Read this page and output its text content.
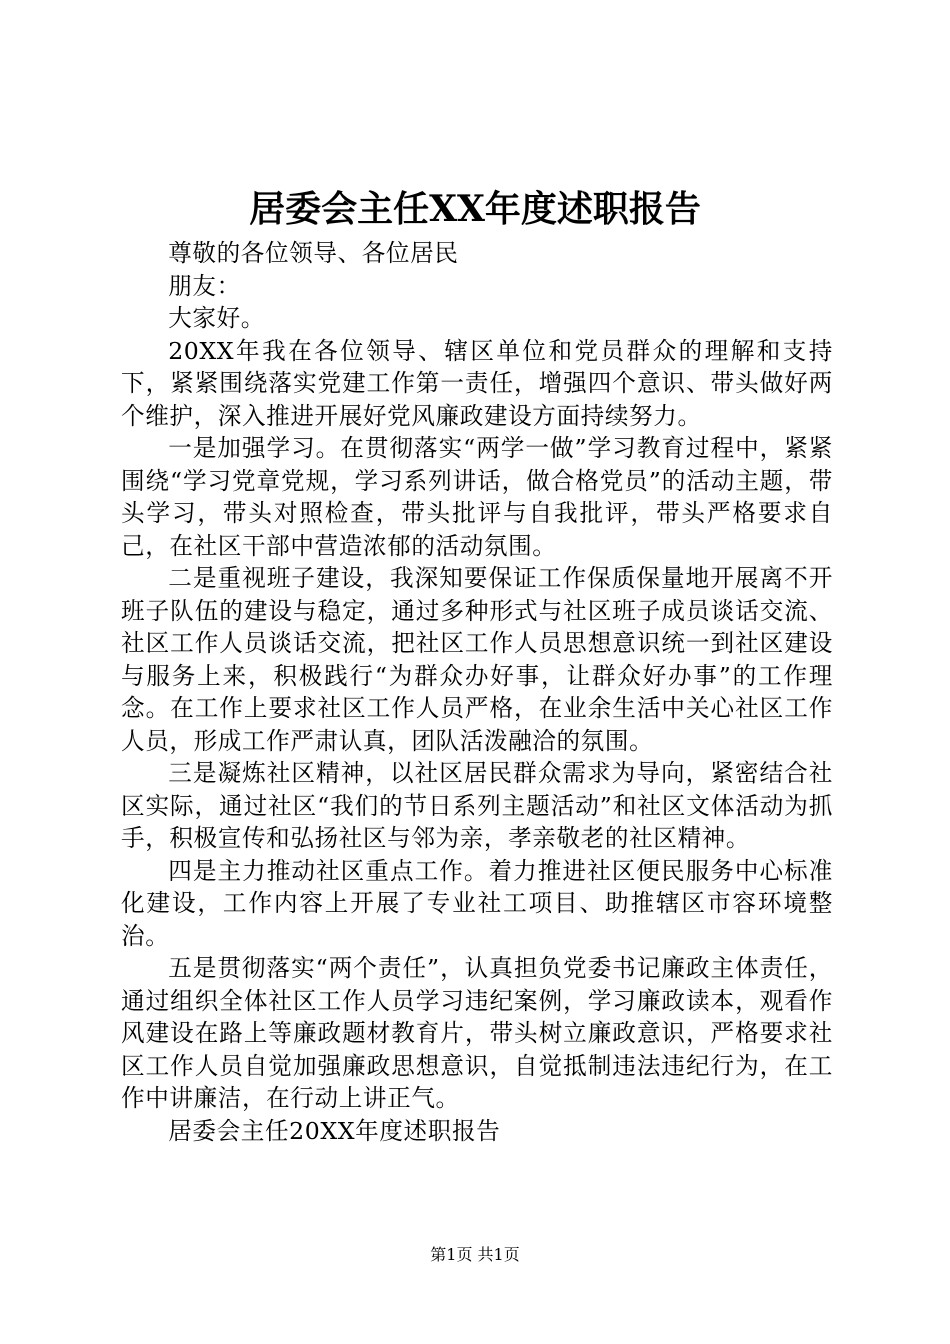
居委会主任XX年度述职报告

尊敬的各位领导、各位居民

朋友：

大家好。

20XX年我在各位领导、辖区单位和党员群众的理解和支持下，紧紧围绕落实党建工作第一责任，增强四个意识、带头做好两个维护，深入推进开展好党风廉政建设方面持续努力。

一是加强学习。在贯彻落实“两学一做”学习教育过程中，紧紧围绕“学习党章党规，学习系列讲话，做合格党员”的活动主题，带头学习，带头对照检查，带头批评与自我批评，带头严格要求自己，在社区干部中营造浓郁的活动氛围。

二是重视班子建设，我深知要保证工作保质保量地开展离不开班子队伍的建设与稳定，通过多种形式与社区班子成员谈话交流、社区工作人员谈话交流，把社区工作人员思想意识统一到社区建设与服务上来，积极践行“为群众办好事，让群众好办事”的工作理念。在工作上要求社区工作人员严格，在业余生活中关心社区工作人员，形成工作严肃认真，团队活泼融洽的氛围。

三是凝炼社区精神，以社区居民群众需求为导向，紧密结合社区实际，通过社区“我们的节日系列主题活动”和社区文体活动为抓手，积极宣传和弘扬社区与邻为亲，孝亲敬老的社区精神。

四是主力推动社区重点工作。着力推进社区便民服务中心标准化建设，工作内容上开展了专业社工项目、助推辖区市容环境整治。

五是贯彻落实“两个责任”，认真担负党委书记廉政主体责任，通过组织全体社区工作人员学习违纪案例，学习廉政读本，观看作风建设在路上等廉政题材教育片，带头树立廉政意识，严格要求社区工作人员自觉加强廉政思想意识，自觉抵制违法违纪行为，在工作中讲廉洁，在行动上讲正气。

居委会主任20XX年度述职报告

第1页 共1页
